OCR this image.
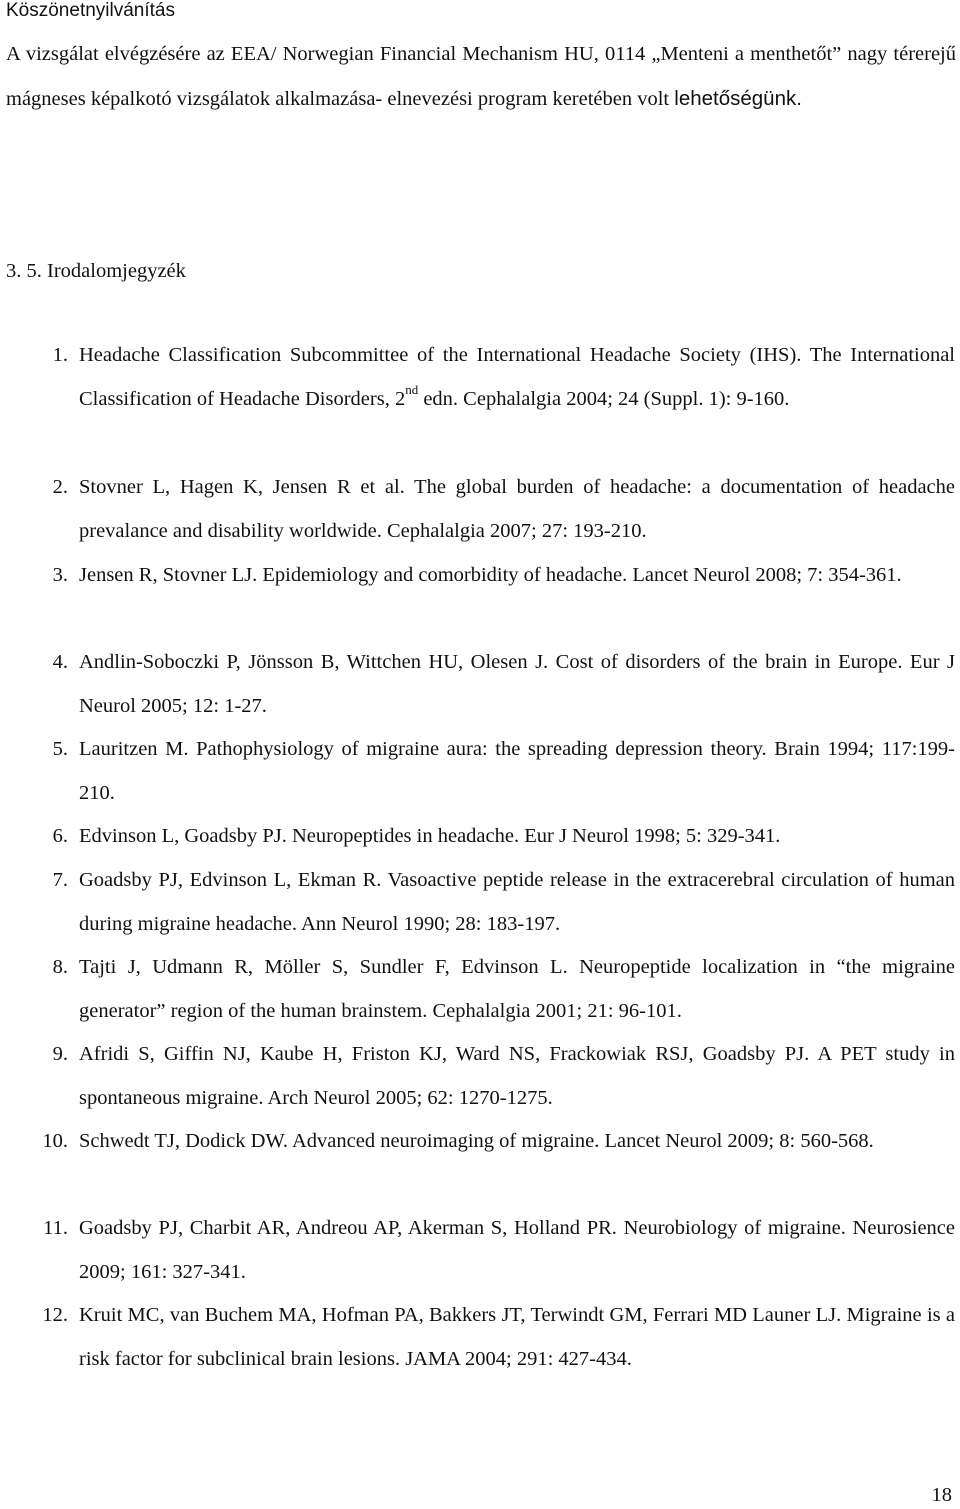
Köszönetnyilvánítás

A vizsgálat elvégzésére az EEA/ Norwegian Financial Mechanism HU, 0114 „Menteni a menthetőt” nagy térerejű mágneses képalkotó vizsgálatok alkalmazása- elnevezési program keretében volt lehetőségünk.

3. 5. Irodalomjegyzék
1. Headache Classification Subcommittee of the International Headache Society (IHS). The International Classification of Headache Disorders, 2nd edn. Cephalalgia 2004; 24 (Suppl. 1): 9-160.
2. Stovner L, Hagen K, Jensen R et al. The global burden of headache: a documentation of headache prevalance and disability worldwide. Cephalalgia 2007; 27: 193-210.
3. Jensen R, Stovner LJ. Epidemiology and comorbidity of headache. Lancet Neurol 2008; 7: 354-361.
4. Andlin-Soboczki P, Jönsson B, Wittchen HU, Olesen J. Cost of disorders of the brain in Europe. Eur J Neurol 2005; 12: 1-27.
5. Lauritzen M. Pathophysiology of migraine aura: the spreading depression theory. Brain 1994; 117:199-210.
6. Edvinson L, Goadsby PJ. Neuropeptides in headache. Eur J Neurol 1998; 5: 329-341.
7. Goadsby PJ, Edvinson L, Ekman R. Vasoactive peptide release in the extracerebral circulation of human during migraine headache. Ann Neurol 1990; 28: 183-197.
8. Tajti J, Udmann R, Möller S, Sundler F, Edvinson L. Neuropeptide localization in “the migraine generator” region of the human brainstem. Cephalalgia 2001; 21: 96-101.
9. Afridi S, Giffin NJ, Kaube H, Friston KJ, Ward NS, Frackowiak RSJ, Goadsby PJ. A PET study in spontaneous migraine. Arch Neurol 2005; 62: 1270-1275.
10. Schwedt TJ, Dodick DW. Advanced neuroimaging of migraine. Lancet Neurol 2009; 8: 560-568.
11. Goadsby PJ, Charbit AR, Andreou AP, Akerman S, Holland PR. Neurobiology of migraine. Neurosience 2009; 161: 327-341.
12. Kruit MC, van Buchem MA, Hofman PA, Bakkers JT, Terwindt GM, Ferrari MD Launer LJ. Migraine is a risk factor for subclinical brain lesions. JAMA 2004; 291: 427-434.
18
